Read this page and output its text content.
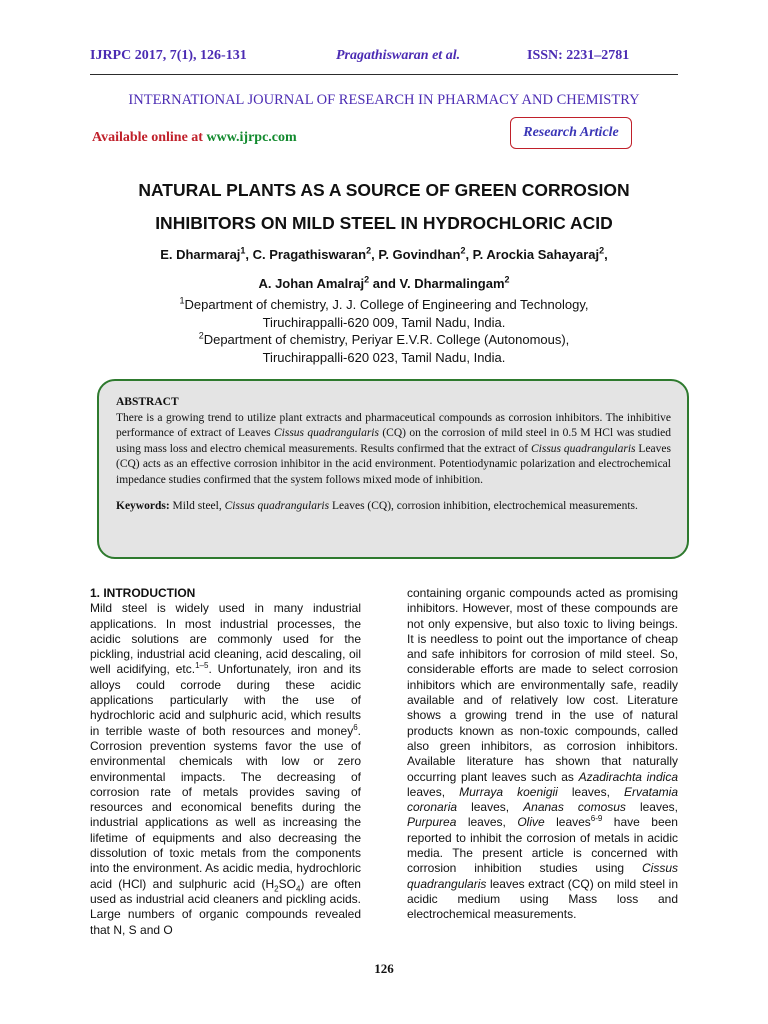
IJRPC 2017, 7(1), 126-131	Pragathiswaran et al.	ISSN: 2231–2781
INTERNATIONAL JOURNAL OF RESEARCH IN PHARMACY AND CHEMISTRY
Available online at www.ijrpc.com	Research Article
NATURAL PLANTS AS A SOURCE OF GREEN CORROSION
INHIBITORS ON MILD STEEL IN HYDROCHLORIC ACID
E. Dharmaraj$^1$, C. Pragathiswaran$^2$, P. Govindhan$^2$, P. Arockia Sahayaraj$^2$,
A. Johan Amalraj$^2$ and V. Dharmalingam$^2$
$^1$Department of chemistry, J. J. College of Engineering and Technology,
Tiruchirappalli-620 009, Tamil Nadu, India.
$^2$Department of chemistry, Periyar E.V.R. College (Autonomous),
Tiruchirappalli-620 023, Tamil Nadu, India.
ABSTRACT
There is a growing trend to utilize plant extracts and pharmaceutical compounds as corrosion inhibitors. The inhibitive performance of extract of Leaves Cissus quadrangularis (CQ) on the corrosion of mild steel in 0.5 M HCl was studied using mass loss and electro chemical measurements. Results confirmed that the extract of Cissus quadrangularis Leaves (CQ) acts as an effective corrosion inhibitor in the acid environment. Potentiodynamic polarization and electrochemical impedance studies confirmed that the system follows mixed mode of inhibition.
Keywords: Mild steel, Cissus quadrangularis Leaves (CQ), corrosion inhibition, electrochemical measurements.
1. INTRODUCTION

Mild steel is widely used in many industrial applications. In most industrial processes, the acidic solutions are commonly used for the pickling, industrial acid cleaning, acid descaling, oil well acidifying, etc.$^{1-5}$. Unfortunately, iron and its alloys could corrode during these acidic applications particularly with the use of hydrochloric acid and sulphuric acid, which results in terrible waste of both resources and money$^6$. Corrosion prevention systems favor the use of environmental chemicals with low or zero environmental impacts. The decreasing of corrosion rate of metals provides saving of resources and economical benefits during the industrial applications as well as increasing the lifetime of equipments and also decreasing the dissolution of toxic metals from the components into the environment. As acidic media, hydrochloric acid (HCl) and sulphuric acid $(H_2SO_4)$ are often used as industrial acid cleaners and pickling acids. Large numbers of organic compounds revealed that N, S and O

containing organic compounds acted as promising inhibitors. However, most of these compounds are not only expensive, but also toxic to living beings. It is needless to point out the importance of cheap and safe inhibitors for corrosion of mild steel. So, considerable efforts are made to select corrosion inhibitors which are environmentally safe, readily available and of relatively low cost. Literature shows a growing trend in the use of natural products known as non-toxic compounds, called also green inhibitors, as corrosion inhibitors. Available literature has shown that naturally occurring plant leaves such as Azadirachta indica leaves, Murraya koenigii leaves, Ervatamia coronaria leaves, Ananas comosus leaves, Purpurea leaves, Olive leaves$^{6-9}$ have been reported to inhibit the corrosion of metals in acidic media. The present article is concerned with corrosion inhibition studies using Cissus quadrangularis leaves extract (CQ) on mild steel in acidic medium using Mass loss and electrochemical measurements.

126
